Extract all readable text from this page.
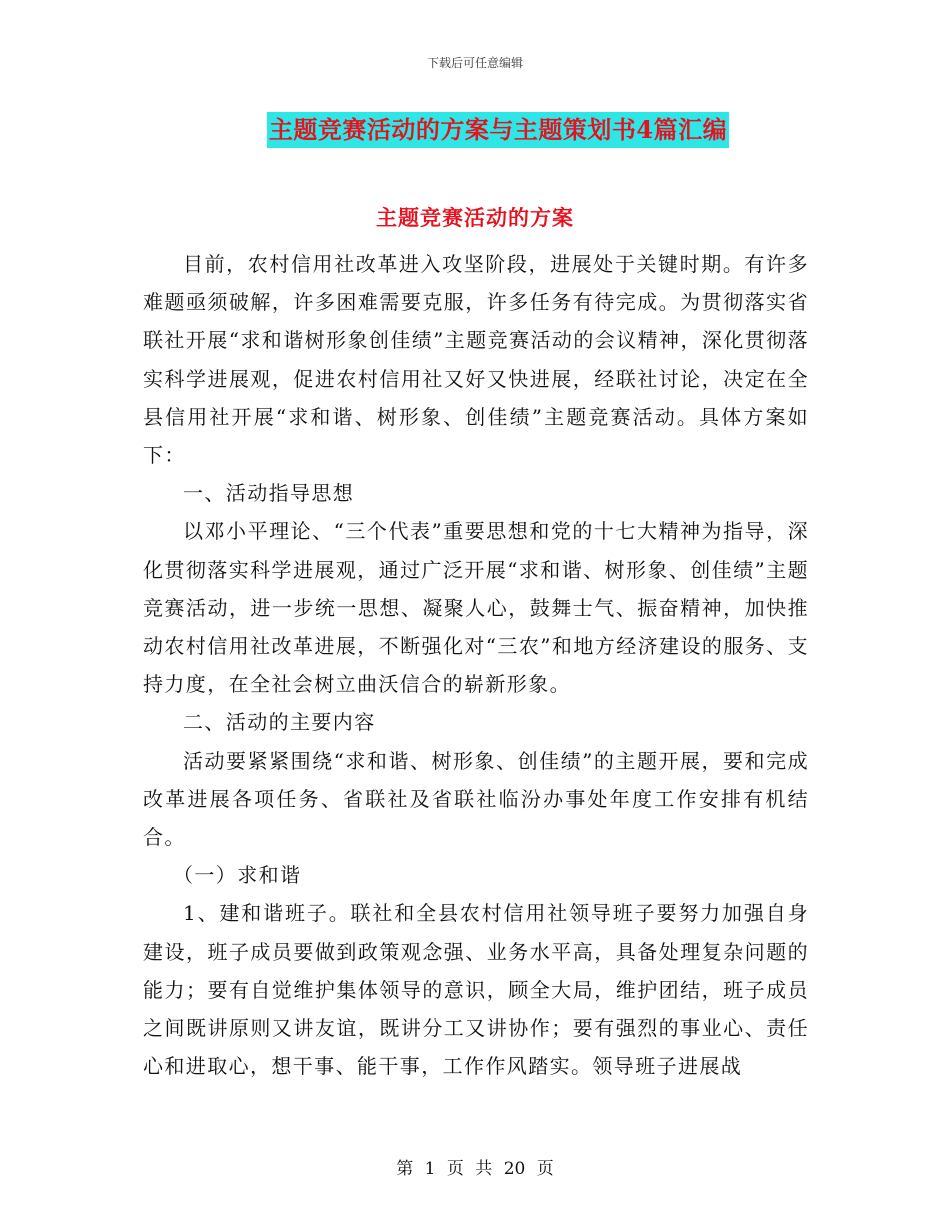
下载后可任意编辑
主题竞赛活动的方案与主题策划书4篇汇编
主题竞赛活动的方案

目前，农村信用社改革进入攻坚阶段，进展处于关键时期。有许多难题亟须破解，许多困难需要克服，许多任务有待完成。为贯彻落实省联社开展“求和谐树形象创佳绩”主题竞赛活动的会议精神，深化贯彻落实科学进展观，促进农村信用社又好又快进展，经联社讨论，决定在全县信用社开展“求和谐、树形象、创佳绩”主题竞赛活动。具体方案如下：

一、活动指导思想

以邓小平理论、“三个代表”重要思想和党的十七大精神为指导，深化贯彻落实科学进展观，通过广泛开展“求和谐、树形象、创佳绩”主题竞赛活动，进一步统一思想、凝聚人心，鼓舞士气、振奋精神，加快推动农村信用社改革进展，不断强化对“三农”和地方经济建设的服务、支持力度，在全社会树立曲沃信合的崭新形象。

二、活动的主要内容

活动要紧紧围绕“求和谐、树形象、创佳绩”的主题开展，要和完成改革进展各项任务、省联社及省联社临汾办事处年度工作安排有机结合。

（一）求和谐

1、建和谐班子。联社和全县农村信用社领导班子要努力加强自身建设，班子成员要做到政策观念强、业务水平高，具备处理复杂问题的能力；要有自觉维护集体领导的意识，顾全大局，维护团结，班子成员之间既讲原则又讲友谊，既讲分工又讲协作；要有强烈的事业心、责任心和进取心，想干事、能干事，工作作风踏实。领导班子进展战

第 1 页 共 20 页
